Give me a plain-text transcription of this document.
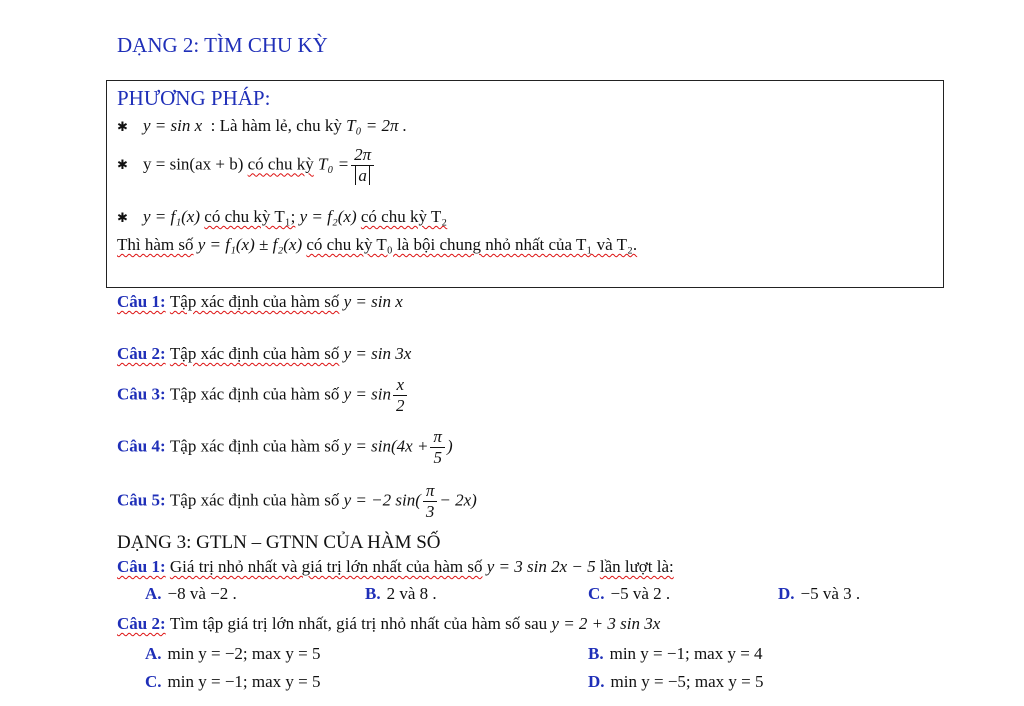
DẠNG 2: TÌM CHU KỲ
PHƯƠNG PHÁP:
✱ y = sin x : Là hàm lẻ, chu kỳ T₀ = 2π .
✱ y = sin(ax + b) có chu kỳ $T_0 = \frac{2\pi}{a}$
✱ y = f₁(x) có chu kỳ T₁; y = f₂(x) có chu kỳ T₂
Thì hàm số y = f₁(x) ± f₂(x) có chu kỳ T₀ là bội chung nhỏ nhất của T₁ và T₂.
Câu 1: Tập xác định của hàm số y = sin x
Câu 2: Tập xác định của hàm số y = sin 3x
Câu 3: Tập xác định của hàm số $y = \sin \frac{x}{2}$
Câu 4: Tập xác định của hàm số $y = \sin(4x + \frac{\pi}{5}$ )
Câu 5: Tập xác định của hàm số y = −2 $\sin( \frac{\pi}{3} - 2x)$
DẠNG 3: GTLN – GTNN CỦA HÀM SỐ
Câu 1: Giá trị nhỏ nhất và giá trị lớn nhất của hàm số y = 3 sin 2x − 5 lần lượt là:
A. −8 và −2 .	B. 2 và 8 .	C. −5 và 2 .	D. −5 và 3 .
Câu 2: Tìm tập giá trị lớn nhất, giá trị nhỏ nhất của hàm số sau y = 2 + 3 sin 3x
A. min y = −2; max y = 5	B. min y = −1; max y = 4
C. min y = −1; max y = 5	D. min y = −5; max y = 5
